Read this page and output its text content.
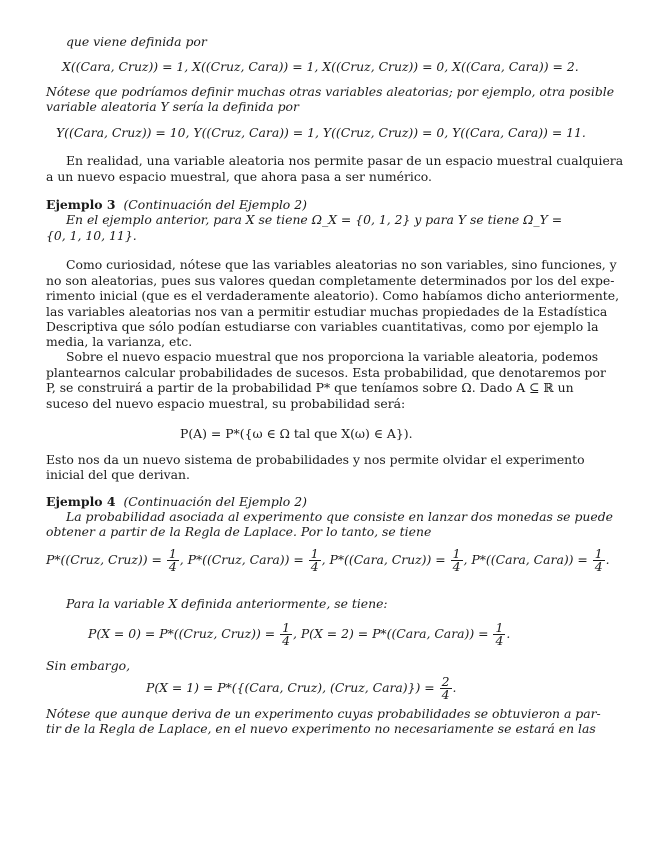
que viene definida por
X((Cara, Cruz)) = 1, X((Cruz, Cara)) = 1, X((Cruz, Cruz)) = 0, X((Cara, Cara)) = 2.
Nótese que podríamos definir muchas otras variables aleatorias; por ejemplo, otra posible
variable aleatoria Y sería la definida por
Y((Cara, Cruz)) = 10, Y((Cruz, Cara)) = 1, Y((Cruz, Cruz)) = 0, Y((Cara, Cara)) = 11.
En realidad, una variable aleatoria nos permite pasar de un espacio muestral cualquiera
a un nuevo espacio muestral, que ahora pasa a ser numérico.
Ejemplo 3 (Continuación del Ejemplo 2)
En el ejemplo anterior, para X se tiene Ω_X = {0, 1, 2} y para Y se tiene Ω_Y =
{0, 1, 10, 11}.
Como curiosidad, nótese que las variables aleatorias no son variables, sino funciones, y
no son aleatorias, pues sus valores quedan completamente determinados por los del expe-
rimento inicial (que es el verdaderamente aleatorio). Como habíamos dicho anteriormente,
las variables aleatorias nos van a permitir estudiar muchas propiedades de la Estadística
Descriptiva que sólo podían estudiarse con variables cuantitativas, como por ejemplo la
media, la varianza, etc.
Sobre el nuevo espacio muestral que nos proporciona la variable aleatoria, podemos
plantearnos calcular probabilidades de sucesos. Esta probabilidad, que denotaremos por
P, se construirá a partir de la probabilidad P* que teníamos sobre Ω. Dado A ⊆ ℝ un
suceso del nuevo espacio muestral, su probabilidad será:
P(A) = P*({ω ∈ Ω tal que X(ω) ∈ A}).
Esto nos da un nuevo sistema de probabilidades y nos permite olvidar el experimento
inicial del que derivan.
Ejemplo 4 (Continuación del Ejemplo 2)
La probabilidad asociada al experimento que consiste en lanzar dos monedas se puede
obtener a partir de la Regla de Laplace. Por lo tanto, se tiene
P*((Cruz, Cruz)) = $\frac{1}{4}$ , P*((Cruz, Cara)) = $\frac{1}{4}$ , P*((Cara, Cruz)) = $\frac{1}{4}$ , P*((Cara, Cara)) = $\frac{1}{4}$ .
Para la variable X definida anteriormente, se tiene:
P(X = 0) = P*((Cruz, Cruz)) = $\frac{1}{4}$ , P(X = 2) = P*((Cara, Cara)) = $\frac{1}{4}$ .
Sin embargo,
P(X = 1) = P*({(Cara, Cruz), (Cruz, Cara)}) = $\frac{2}{4}$ .
Nótese que aunque deriva de un experimento cuyas probabilidades se obtuvieron a par-
tir de la Regla de Laplace, en el nuevo experimento no necesariamente se estará en las
